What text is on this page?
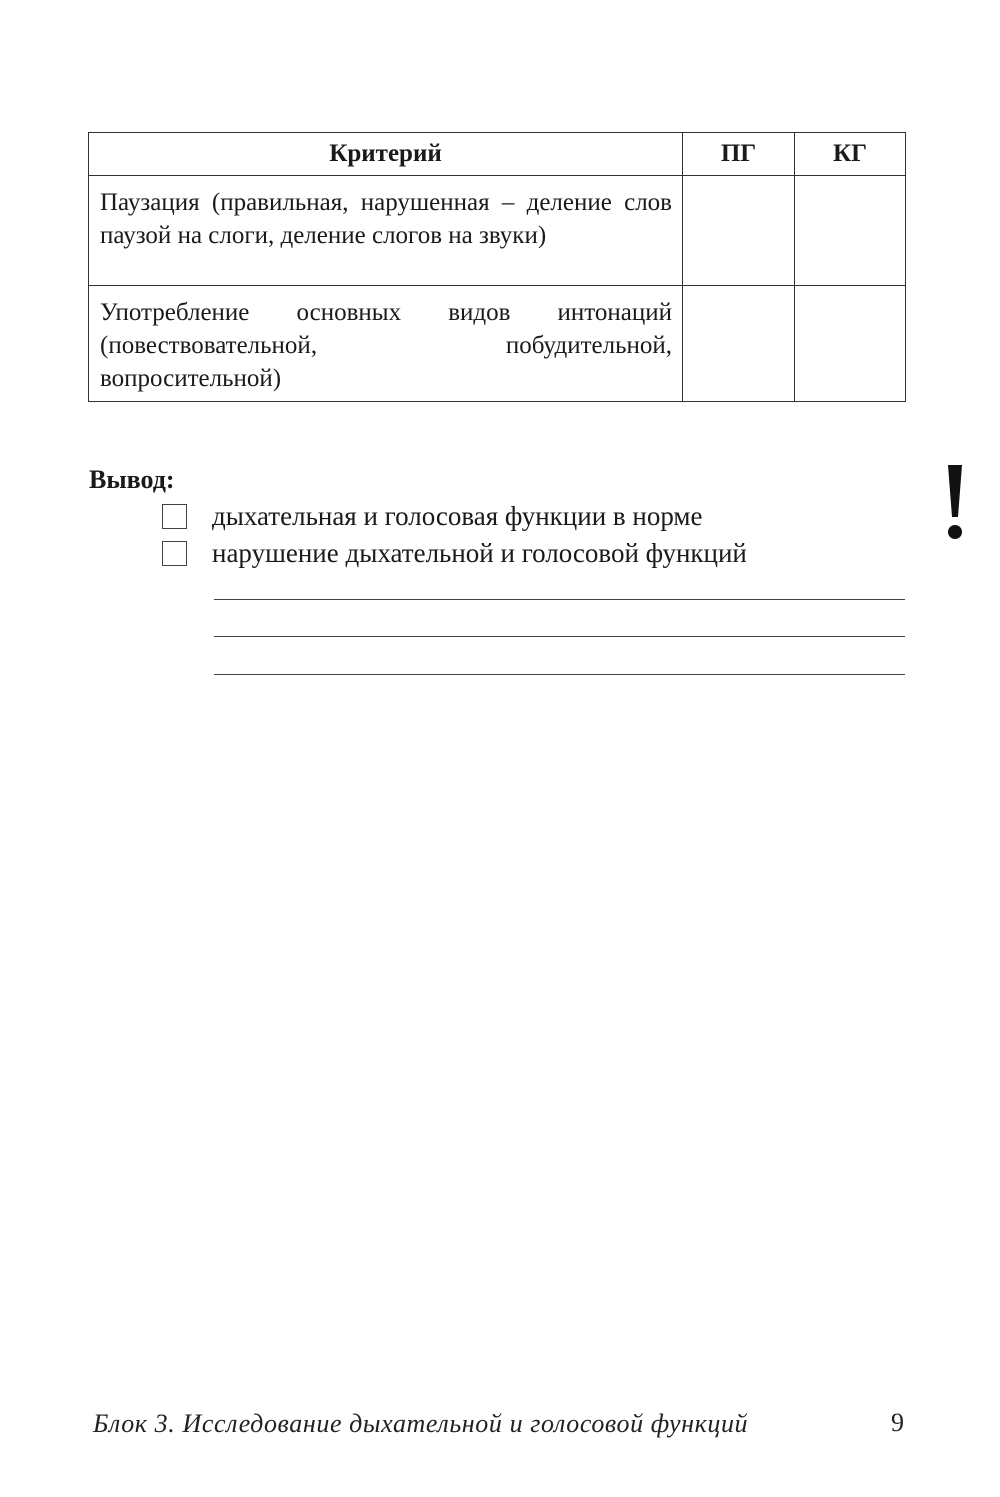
Критерий	ПГ	КГ
Паузация (правильная, нарушенная – деление слов паузой на слоги, деление слогов на звуки)		
Употребление основных видов интонаций (повествовательной, побудительной, вопросительной)		
Вывод:
дыхательная и голосовая функции в норме
нарушение дыхательной и голосовой функций
Блок 3. Исследование дыхательной и голосовой функций	9
